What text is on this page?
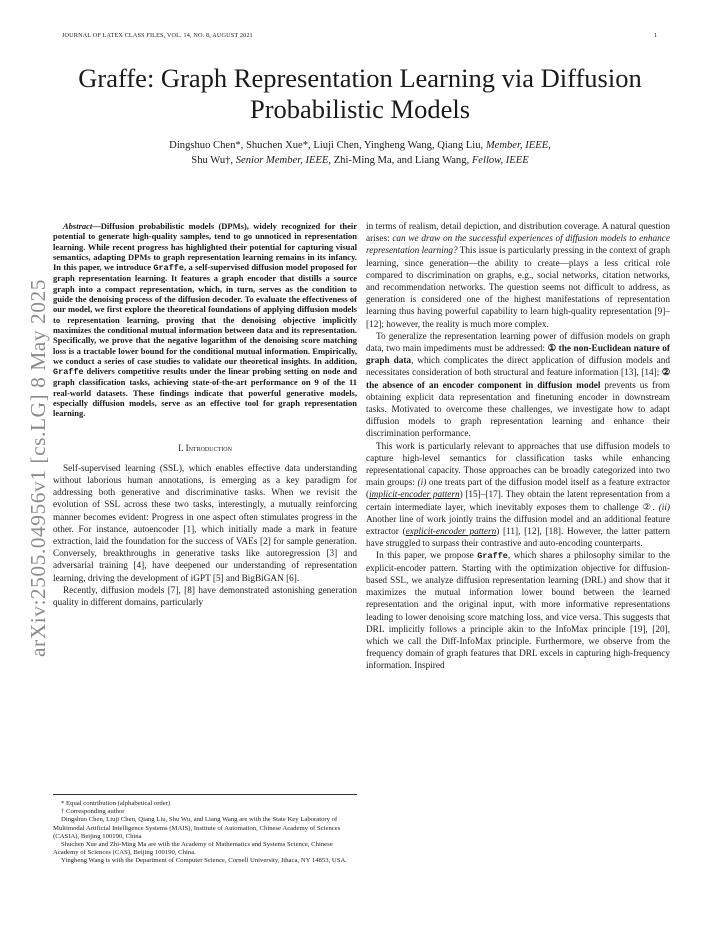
JOURNAL OF LATEX CLASS FILES, VOL. 14, NO. 8, AUGUST 2021	1
arXiv:2505.04956v1 [cs.LG] 8 May 2025
Graffe: Graph Representation Learning via Diffusion Probabilistic Models
Dingshuo Chen*, Shuchen Xue*, Liuji Chen, Yingheng Wang, Qiang Liu, Member, IEEE,
Shu Wu†, Senior Member, IEEE, Zhi-Ming Ma, and Liang Wang, Fellow, IEEE

Abstract—Diffusion probabilistic models (DPMs), widely recognized for their potential to generate high-quality samples, tend to go unnoticed in representation learning. While recent progress has highlighted their potential for capturing visual semantics, adapting DPMs to graph representation learning remains in its infancy. In this paper, we introduce Graffe, a self-supervised diffusion model proposed for graph representation learning. It features a graph encoder that distills a source graph into a compact representation, which, in turn, serves as the condition to guide the denoising process of the diffusion decoder. To evaluate the effectiveness of our model, we first explore the theoretical foundations of applying diffusion models to representation learning, proving that the denoising objective implicitly maximizes the conditional mutual information between data and its representation. Specifically, we prove that the negative logarithm of the denoising score matching loss is a tractable lower bound for the conditional mutual information. Empirically, we conduct a series of case studies to validate our theoretical insights. In addition, Graffe delivers competitive results under the linear probing setting on node and graph classification tasks, achieving state-of-the-art performance on 9 of the 11 real-world datasets. These findings indicate that powerful generative models, especially diffusion models, serve as an effective tool for graph representation learning.

I. Introduction

Self-supervised learning (SSL), which enables effective data understanding without laborious human annotations, is emerging as a key paradigm for addressing both generative and discriminative tasks. When we revisit the evolution of SSL across these two tasks, interestingly, a mutually reinforcing manner becomes evident: Progress in one aspect often stimulates progress in the other. For instance, autoencoder [1], which initially made a mark in feature extraction, laid the foundation for the success of VAEs [2] for sample generation. Conversely, breakthroughs in generative tasks like autoregression [3] and adversarial training [4], have deepened our understanding of representation learning, driving the development of iGPT [5] and BigBiGAN [6].

Recently, diffusion models [7], [8] have demonstrated astonishing generation quality in different domains, particularly

* Equal contribution (alphabetical order)

† Corresponding author

Dingshuo Chen, Liuji Chen, Qiang Liu, Shu Wu, and Liang Wang are with the State Key Laboratory of Multimodal Artificial Intelligence Systems (MAIS), Institute of Automation, Chinese Academy of Sciences (CASIA), Beijing 100190, China

Shuchen Xue and Zhi-Ming Ma are with the Academy of Mathematics and Systems Science, Chinese Academy of Sciences (CAS), Beijing 100190, China.

Yingheng Wang is with the Department of Computer Science, Cornell University, Ithaca, NY 14853, USA.

in terms of realism, detail depiction, and distribution coverage. A natural question arises: can we draw on the successful experiences of diffusion models to enhance representation learning? This issue is particularly pressing in the context of graph learning, since generation—the ability to create—plays a less critical role compared to discrimination on graphs, e.g., social networks, citation networks, and recommendation networks. The question seems not difficult to address, as generation is considered one of the highest manifestations of representation learning thus having powerful capability to learn high-quality representation [9]–[12]; however, the reality is much more complex.

To generalize the representation learning power of diffusion models on graph data, two main impediments must be addressed: ① the non-Euclidean nature of graph data, which complicates the direct application of diffusion models and necessitates consideration of both structural and feature information [13], [14]; ② the absence of an encoder component in diffusion model prevents us from obtaining explicit data representation and finetuning encoder in downstream tasks. Motivated to overcome these challenges, we investigate how to adapt diffusion models to graph representation learning and enhance their discrimination performance.

This work is particularly relevant to approaches that use diffusion models to capture high-level semantics for classification tasks while enhancing representational capacity. Those approaches can be broadly categorized into two main groups: (i) one treats part of the diffusion model itself as a feature extractor (implicit-encoder pattern) [15]–[17]. They obtain the latent representation from a certain intermediate layer, which inevitably exposes them to challenge ②. (ii) Another line of work jointly trains the diffusion model and an additional feature extractor (explicit-encoder pattern) [11], [12], [18]. However, the latter pattern have struggled to surpass their contrastive and auto-encoding counterparts.

In this paper, we propose Graffe, which shares a philosophy similar to the explicit-encoder pattern. Starting with the optimization objective for diffusion-based SSL, we analyze diffusion representation learning (DRL) and show that it maximizes the mutual information lower bound between the learned representation and the original input, with more informative representations leading to lower denoising score matching loss, and vice versa. This suggests that DRL implicitly follows a principle akin to the InfoMax principle [19], [20], which we call the Diff-InfoMax principle. Furthermore, we observe from the frequency domain of graph features that DRL excels in capturing high-frequency information. Inspired
